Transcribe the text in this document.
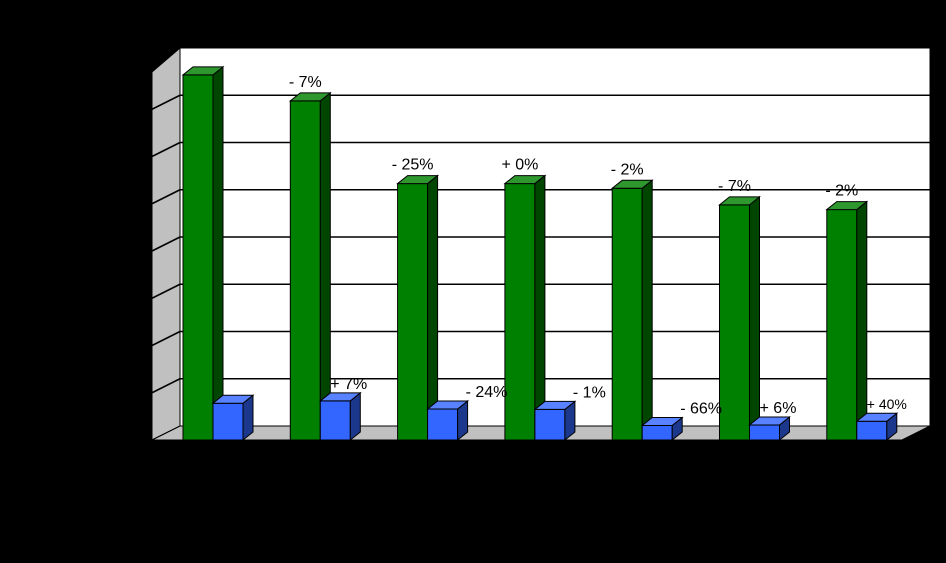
- 7%
+ 7%
- 25%
- 24%
+ 0%
- 1%
- 2%
- 66%
- 7%
+ 6%
- 2%
+ 40%
